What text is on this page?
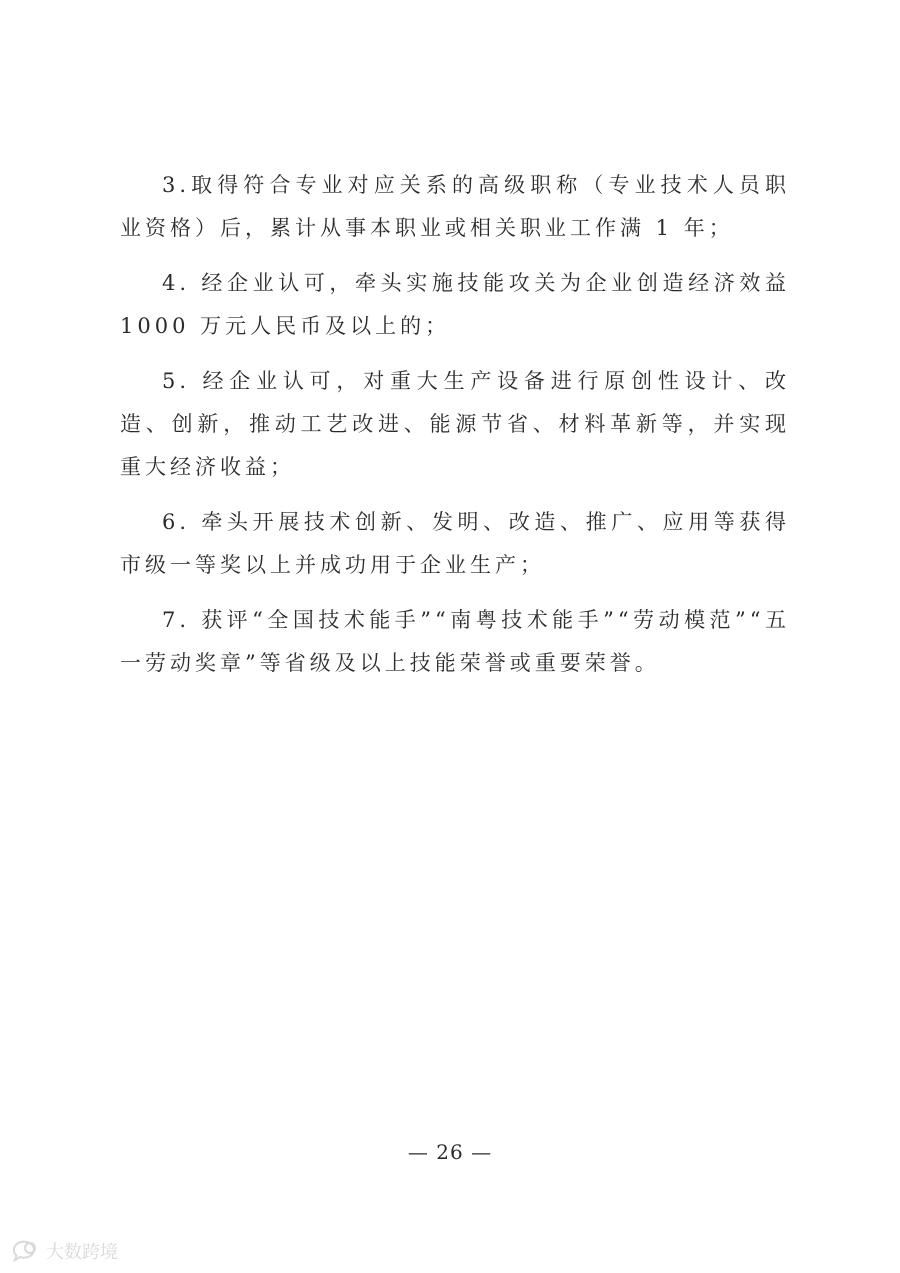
3.取得符合专业对应关系的高级职称（专业技术人员职业资格）后，累计从事本职业或相关职业工作满 1 年；

4. 经企业认可，牵头实施技能攻关为企业创造经济效益 1000 万元人民币及以上的；

5. 经企业认可，对重大生产设备进行原创性设计、改造、创新，推动工艺改进、能源节省、材料革新等，并实现重大经济收益；

6. 牵头开展技术创新、发明、改造、推广、应用等获得市级一等奖以上并成功用于企业生产；

7. 获评“全国技术能手”“南粤技术能手”“劳动模范”“五一劳动奖章”等省级及以上技能荣誉或重要荣誉。

— 26 —
大数跨境
